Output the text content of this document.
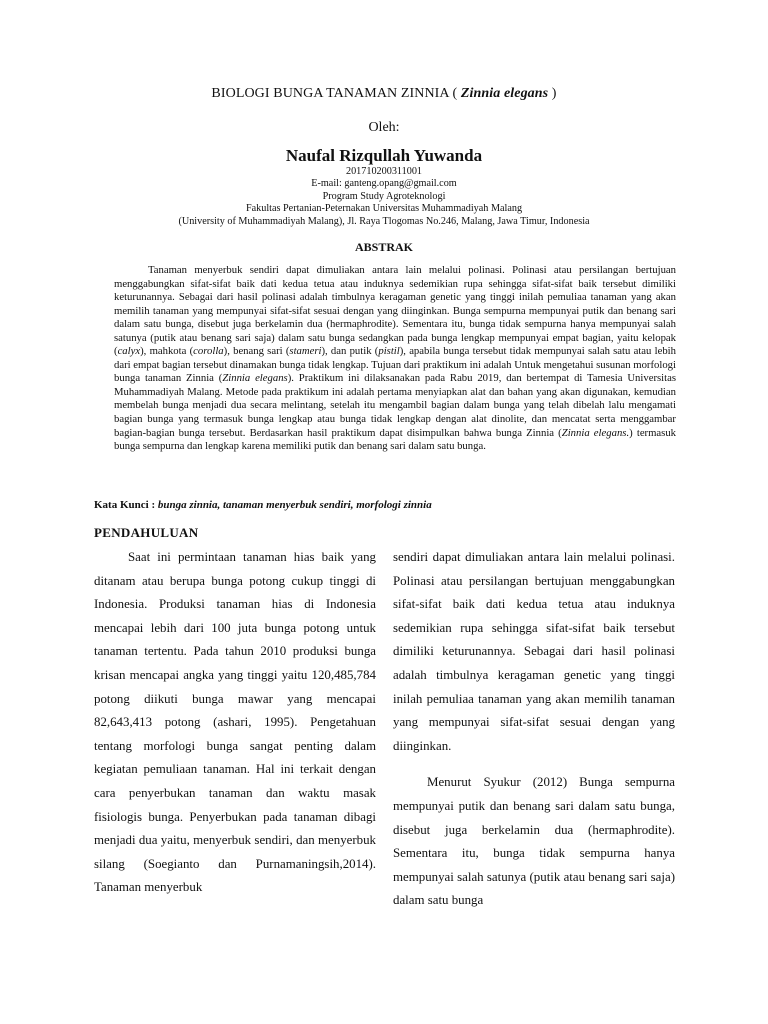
BIOLOGI BUNGA TANAMAN ZINNIA ( Zinnia elegans )
Oleh:
Naufal Rizqullah Yuwanda
201710200311001
E-mail: ganteng.opang@gmail.com
Program Study Agroteknologi
Fakultas Pertanian-Peternakan Universitas Muhammadiyah Malang
(University of Muhammadiyah Malang), Jl. Raya Tlogomas No.246, Malang, Jawa Timur, Indonesia
ABSTRAK
Tanaman menyerbuk sendiri dapat dimuliakan antara lain melalui polinasi. Polinasi atau persilangan bertujuan menggabungkan sifat-sifat baik dati kedua tetua atau induknya sedemikian rupa sehingga sifat-sifat baik tersebut dimiliki keturunannya. Sebagai dari hasil polinasi adalah timbulnya keragaman genetic yang tinggi inilah pemuliaa tanaman yang akan memilih tanaman yang mempunyai sifat-sifat sesuai dengan yang diinginkan. Bunga sempurna mempunyai putik dan benang sari dalam satu bunga, disebut juga berkelamin dua (hermaphrodite). Sementara itu, bunga tidak sempurna hanya mempunyai salah satunya (putik atau benang sari saja) dalam satu bunga sedangkan pada bunga lengkap mempunyai empat bagian, yaitu kelopak (calyx), mahkota (corolla), benang sari (stameri), dan putik (pistil), apabila bunga tersebut tidak mempunyai salah satu atau lebih dari empat bagian tersebut dinamakan bunga tidak lengkap. Tujuan dari praktikum ini adalah Untuk mengetahui susunan morfologi bunga tanaman Zinnia (Zinnia elegans). Praktikum ini dilaksanakan pada Rabu 2019, dan bertempat di Tamesia Universitas Muhammadiyah Malang. Metode pada praktikum ini adalah pertama menyiapkan alat dan bahan yang akan digunakan, kemudian membelah bunga menjadi dua secara melintang, setelah itu mengambil bagian dalam bunga yang telah dibelah lalu mengamati bagian bunga yang termasuk bunga lengkap atau bunga tidak lengkap dengan alat dinolite, dan mencatat serta menggambar bagian-bagian bunga tersebut. Berdasarkan hasil praktikum dapat disimpulkan bahwa bunga Zinnia (Zinnia elegans.) termasuk bunga sempurna dan lengkap karena memiliki putik dan benang sari dalam satu bunga.
Kata Kunci : bunga zinnia, tanaman menyerbuk sendiri, morfologi zinnia
PENDAHULUAN

Saat ini permintaan tanaman hias baik yang ditanam atau berupa bunga potong cukup tinggi di Indonesia. Produksi tanaman hias di Indonesia mencapai lebih dari 100 juta bunga potong untuk tanaman tertentu. Pada tahun 2010 produksi bunga krisan mencapai angka yang tinggi yaitu 120,485,784 potong diikuti bunga mawar yang mencapai 82,643,413 potong (ashari, 1995). Pengetahuan tentang morfologi bunga sangat penting dalam kegiatan pemuliaan tanaman. Hal ini terkait dengan cara penyerbukan tanaman dan waktu masak fisiologis bunga. Penyerbukan pada tanaman dibagi menjadi dua yaitu, menyerbuk sendiri, dan menyerbuk silang (Soegianto dan Purnamaningsih,2014). Tanaman menyerbuk

sendiri dapat dimuliakan antara lain melalui polinasi. Polinasi atau persilangan bertujuan menggabungkan sifat-sifat baik dati kedua tetua atau induknya sedemikian rupa sehingga sifat-sifat baik tersebut dimiliki keturunannya. Sebagai dari hasil polinasi adalah timbulnya keragaman genetic yang tinggi inilah pemuliaa tanaman yang akan memilih tanaman yang mempunyai sifat-sifat sesuai dengan yang diinginkan.

Menurut Syukur (2012) Bunga sempurna mempunyai putik dan benang sari dalam satu bunga, disebut juga berkelamin dua (hermaphrodite). Sementara itu, bunga tidak sempurna hanya mempunyai salah satunya (putik atau benang sari saja) dalam satu bunga
